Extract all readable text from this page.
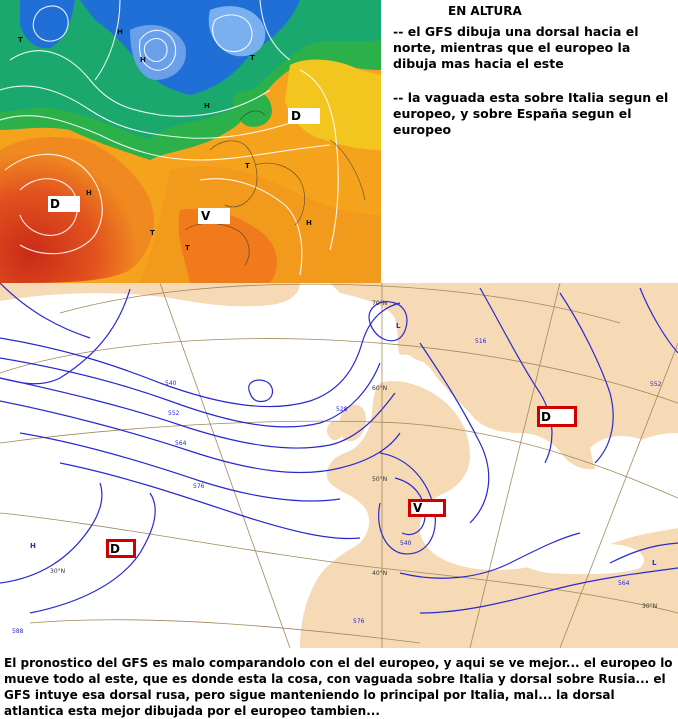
H
H
H
H
T
T
H
T
T
T
D
D
V
EN ALTURA
-- el GFS dibuja una dorsal hacia el norte, mientras que el europeo la dibuja mas hacia el este
-- la vaguada esta sobre Italia segun el europeo, y sobre España segun el europeo
70°N
60°N
50°N
40°N
30°N
30°N
540
552
564
576
588
528
516
552
564
540
576
H
L
L
D
V
D
El pronostico del GFS es malo comparandolo con el del europeo, y aqui se ve mejor... el europeo lo mueve todo al este, que es donde esta la cosa, con vaguada sobre Italia y dorsal sobre Rusia... el GFS intuye esa dorsal rusa, pero sigue manteniendo lo principal por Italia, mal... la dorsal atlantica esta mejor dibujada por el europeo tambien...
